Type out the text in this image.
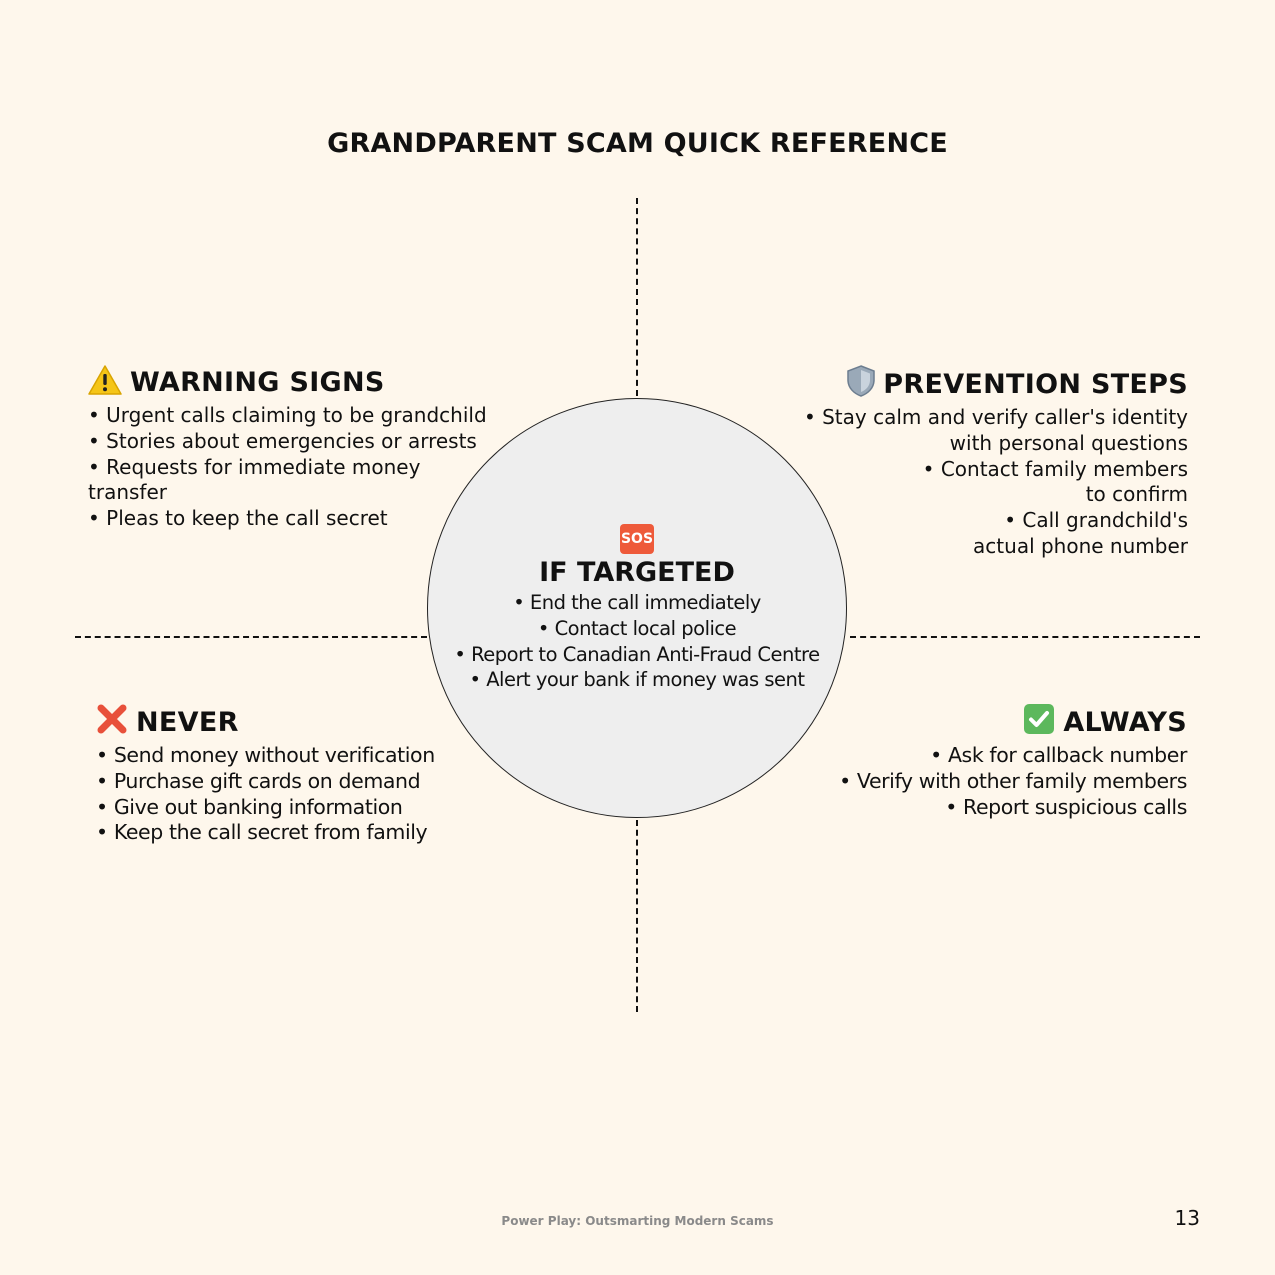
GRANDPARENT SCAM QUICK REFERENCE
WARNING SIGNS
• Urgent calls claiming to be grandchild
• Stories about emergencies or arrests
• Requests for immediate money transfer
• Pleas to keep the call secret
PREVENTION STEPS
• Stay calm and verify caller's identity with personal questions
• Contact family members to confirm
• Call grandchild's actual phone number
SOS
IF TARGETED
• End the call immediately
• Contact local police
• Report to Canadian Anti-Fraud Centre
• Alert your bank if money was sent
NEVER
• Send money without verification
• Purchase gift cards on demand
• Give out banking information
• Keep the call secret from family
ALWAYS
• Ask for callback number
• Verify with other family members
• Report suspicious calls
Power Play: Outsmarting Modern Scams	13
